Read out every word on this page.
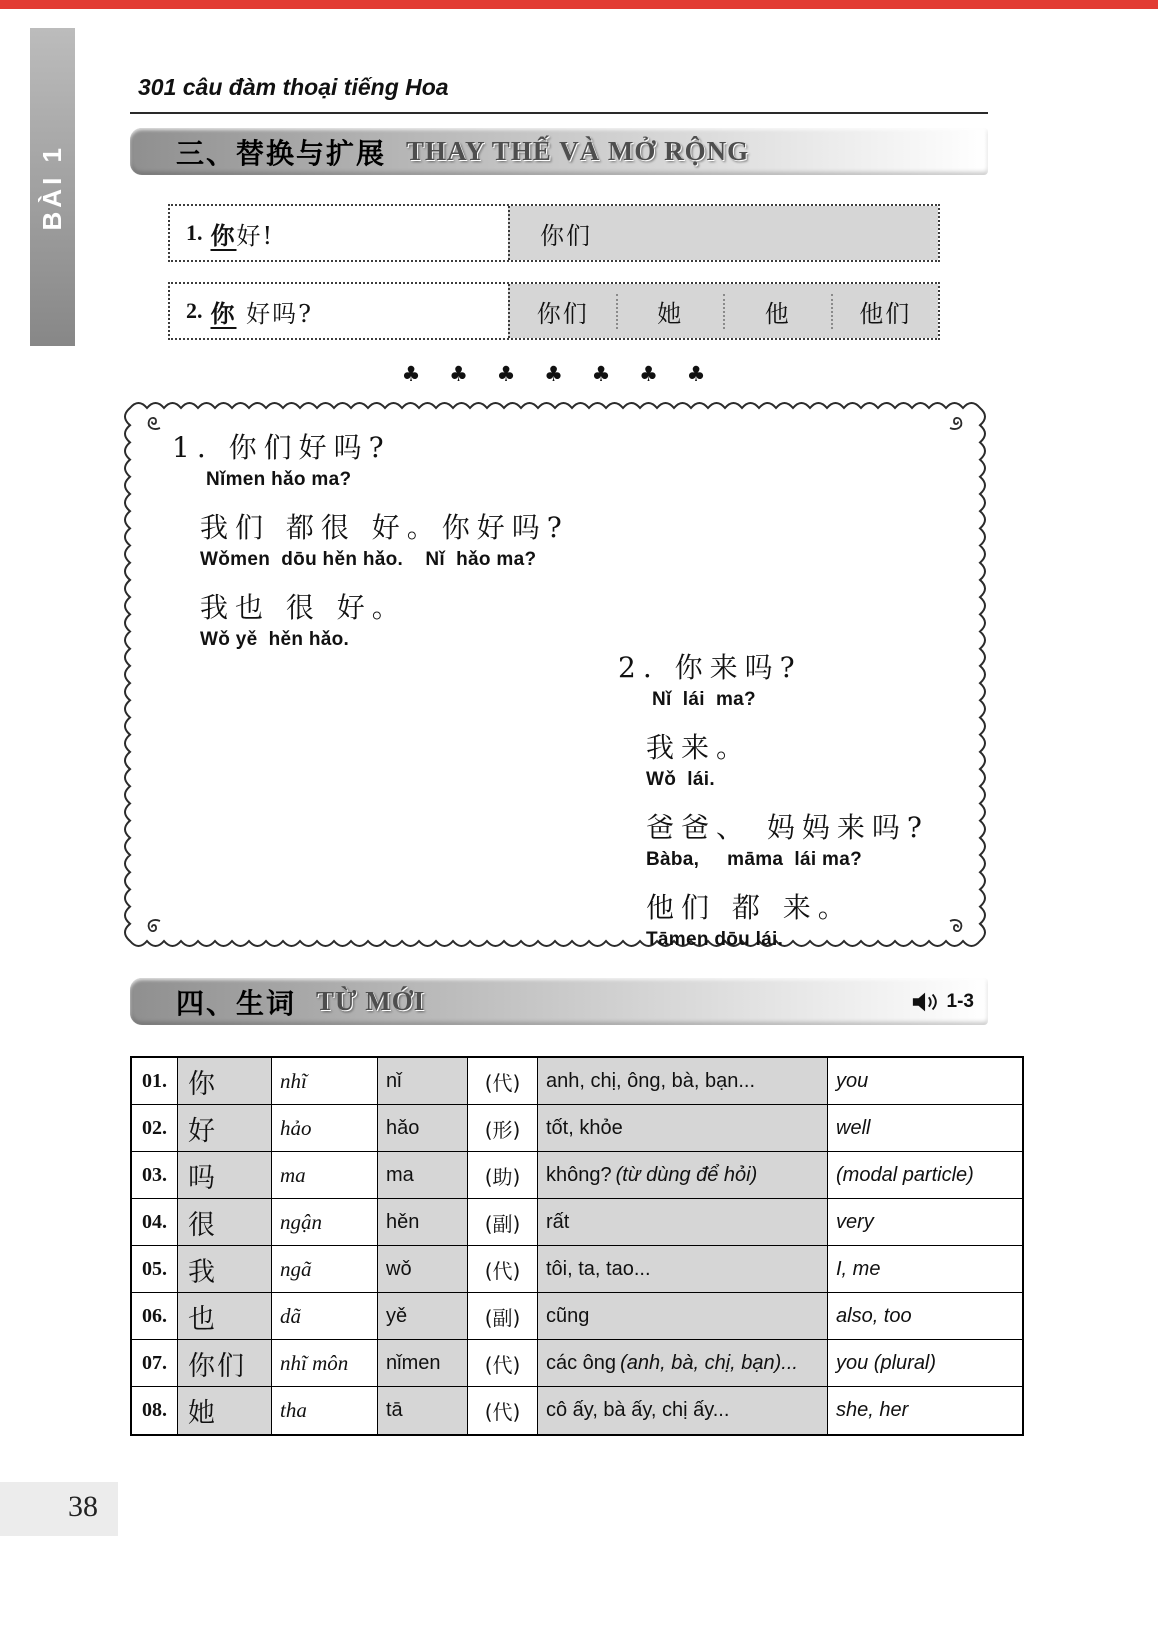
BÀI 1
301 câu đàm thoại tiếng Hoa
三、替换与扩展 THAY THẾ VÀ MỞ RỘNG
1. 你好!	你们
2. 你 好吗?	你们	她	他	他们
♣ ♣ ♣ ♣ ♣ ♣ ♣
1. 你们好吗?
Nǐmen hǎo ma?
我们 都很 好。你好吗?
Wǒmen  dōu hěn hǎo.    Nǐ  hǎo ma?
我也 很 好。
Wǒ yě  hěn hǎo.
2. 你来吗?
Nǐ  lái  ma?
我来。
Wǒ  lái.
爸爸、 妈妈来吗?
Bàba,     māma  lái ma?
他们 都 来。
Tāmen dōu lái.
四、生词 TỪ MỚI	1-3
01. 你	nhĩ	nǐ	(代)	anh, chị, ông, bà, bạn...	you
02. 好	hảo	hǎo	(形)	tốt, khỏe	well
03. 吗	ma	ma	(助)	không? (từ dùng để hỏi)	(modal particle)
04. 很	ngận	hěn	(副)	rất	very
05. 我	ngã	wǒ	(代)	tôi, ta, tao...	I, me
06. 也	dã	yě	(副)	cũng	also, too
07. 你们	nhĩ môn	nǐmen	(代)	các ông (anh, bà, chị, bạn)...	you (plural)
08. 她	tha	tā	(代)	cô ấy, bà ấy, chị ấy...	she, her
38
